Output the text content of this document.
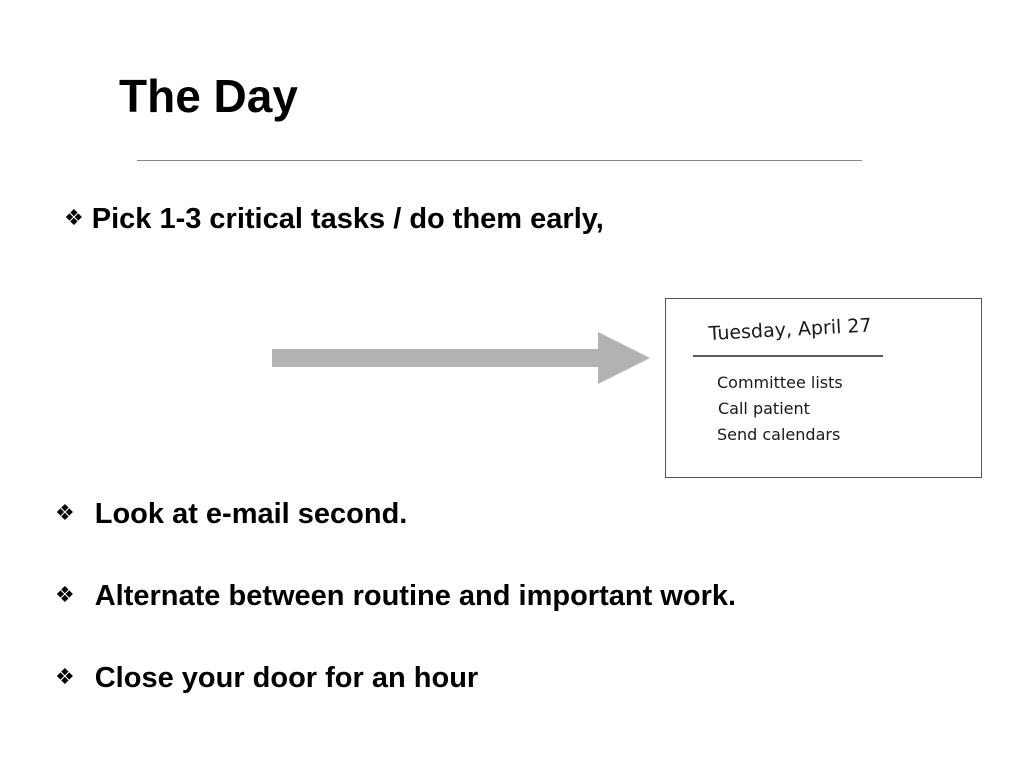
The Day
❖ Pick 1-3 critical tasks / do them early,
Tuesday, April 27
Committee lists
Call patient
Send calendars
❖ Look at e-mail second.
❖ Alternate between routine and important work.
❖ Close your door for an hour
